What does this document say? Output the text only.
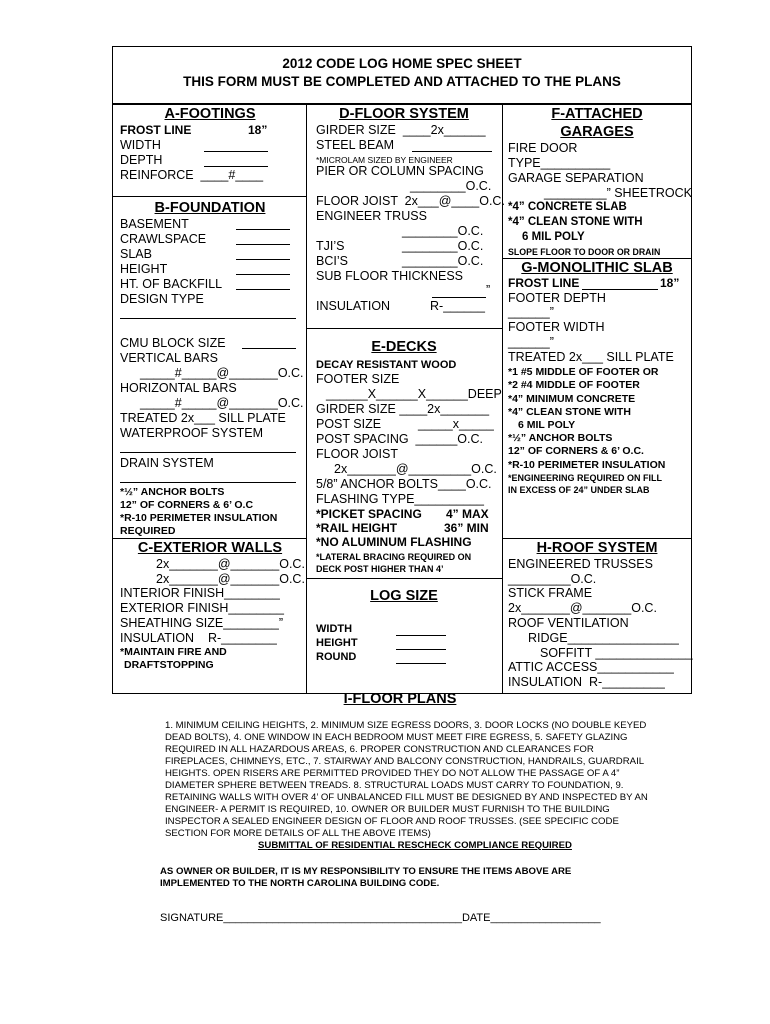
2012 CODE LOG HOME SPEC SHEET
THIS FORM MUST BE COMPLETED AND ATTACHED TO THE PLANS
A-FOOTINGS
FROST LINE	18”
WIDTH
DEPTH
REINFORCE  ____#____
B-FOUNDATION
BASEMENT
CRAWLSPACE
SLAB
HEIGHT
HT. OF BACKFILL
DESIGN TYPE
CMU BLOCK SIZE
VERTICAL BARS
_____#_____@_______O.C.
HORIZONTAL BARS
_____#_____@_______O.C.
TREATED 2x___ SILL PLATE
WATERPROOF SYSTEM
DRAIN SYSTEM
*½” ANCHOR BOLTS
12” OF CORNERS & 6’ O.C
*R-10 PERIMETER INSULATION
REQUIRED
C-EXTERIOR WALLS
2x_______@_______O.C.
2x_______@_______O.C.
INTERIOR FINISH________
EXTERIOR FINISH________
SHEATHING SIZE________”
INSULATION    R-________
*MAINTAIN FIRE AND
DRAFTSTOPPING
D-FLOOR SYSTEM
GIRDER SIZE  ____2x______
STEEL BEAM
*MICROLAM SIZED BY ENGINEER
PIER OR COLUMN SPACING
________O.C.
FLOOR JOIST  2x___@____O.C.
ENGINEER TRUSS
________O.C.
TJI’S	________O.C.
BCI’S	________O.C.
SUB FLOOR THICKNESS
”
INSULATION	R-______
E-DECKS
DECAY RESISTANT WOOD
FOOTER SIZE
______X______X______DEEP
GIRDER SIZE ____2x_______
POST SIZE	_____x_____
POST SPACING  ______O.C.
FLOOR JOIST
2x_______@_________O.C.
5/8” ANCHOR BOLTS____O.C.
FLASHING TYPE__________
*PICKET SPACING 4” MAX
*RAIL HEIGHT	36” MIN
*NO ALUMINUM FLASHING
*LATERAL BRACING REQUIRED ON
DECK POST HIGHER THAN 4’
LOG SIZE
WIDTH
HEIGHT
ROUND
F-ATTACHED
GARAGES
FIRE DOOR
TYPE__________
GARAGE SEPARATION
_________” SHEETROCK
*4” CONCRETE SLAB
*4” CLEAN STONE WITH
6 MIL POLY
SLOPE FLOOR TO DOOR OR DRAIN
G-MONOLITHIC SLAB
FROST LINE	18”
FOOTER DEPTH
______”
FOOTER WIDTH
______”
TREATED 2x___ SILL PLATE
*1 #5 MIDDLE OF FOOTER OR
*2 #4 MIDDLE OF FOOTER
*4” MINIMUM CONCRETE
*4” CLEAN STONE WITH
6 MIL POLY
*½” ANCHOR BOLTS
12” OF CORNERS & 6’ O.C.
*R-10 PERIMETER INSULATION
*ENGINEERING REQUIRED ON FILL
IN EXCESS OF 24” UNDER SLAB
H-ROOF SYSTEM
ENGINEERED TRUSSES
_________O.C.
STICK FRAME
2x_______@_______O.C.
ROOF VENTILATION
RIDGE________________
SOFFITT ______________
ATTIC ACCESS___________
INSULATION  R-_________
I-FLOOR PLANS
1. MINIMUM CEILING HEIGHTS, 2. MINIMUM SIZE EGRESS DOORS, 3. DOOR LOCKS (NO DOUBLE KEYED
DEAD BOLTS), 4. ONE WINDOW IN EACH BEDROOM MUST MEET FIRE EGRESS, 5. SAFETY GLAZING
REQUIRED IN ALL HAZARDOUS AREAS, 6. PROPER CONSTRUCTION AND CLEARANCES FOR
FIREPLACES, CHIMNEYS, ETC., 7. STAIRWAY AND BALCONY CONSTRUCTION, HANDRAILS, GUARDRAIL
HEIGHTS. OPEN RISERS ARE PERMITTED PROVIDED THEY DO NOT ALLOW THE PASSAGE OF A 4”
DIAMETER SPHERE BETWEEN TREADS. 8. STRUCTURAL LOADS MUST CARRY TO FOUNDATION, 9.
RETAINING WALLS WITH OVER 4’ OF UNBALANCED FILL MUST BE DESIGNED BY AND INSPECTED BY AN
ENGINEER- A PERMIT IS REQUIRED, 10. OWNER OR BUILDER MUST FURNISH TO THE BUILDING
INSPECTOR A SEALED ENGINEER DESIGN OF FLOOR AND ROOF TRUSSES. (SEE SPECIFIC CODE
SECTION FOR MORE DETAILS OF ALL THE ABOVE ITEMS)
SUBMITTAL OF RESIDENTIAL RESCHECK COMPLIANCE REQUIRED
AS OWNER OR BUILDER, IT IS MY RESPONSIBILITY TO ENSURE THE ITEMS ABOVE ARE
IMPLEMENTED TO THE NORTH CAROLINA BUILDING CODE.
SIGNATURE_______________________________________DATE__________________
